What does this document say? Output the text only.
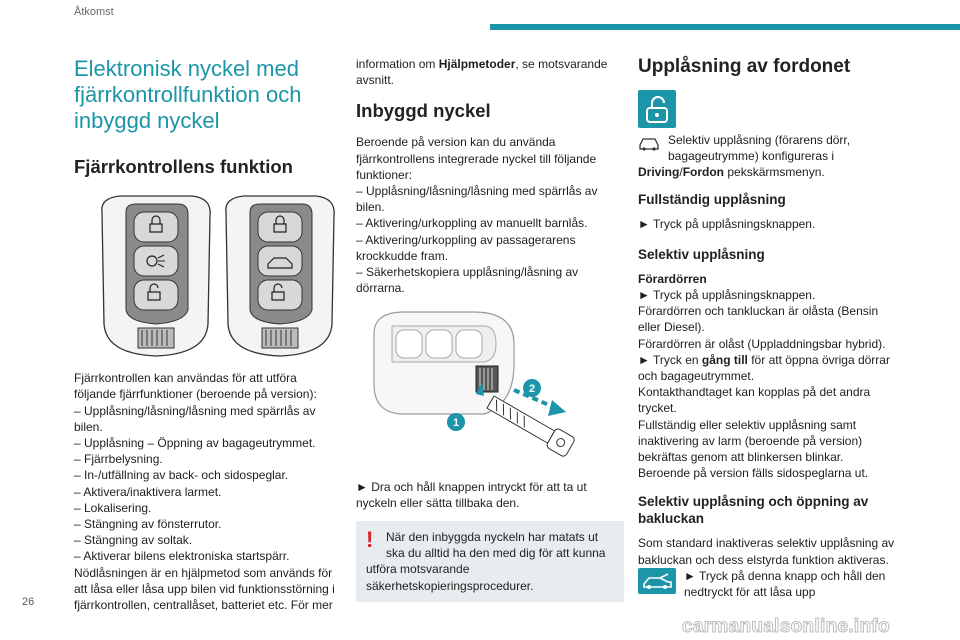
Åtkomst
Elektronisk nyckel med
fjärrkontrollfunktion och
inbyggd nyckel
Fjärrkontrollens funktion
Fjärrkontrollen kan användas för att utföra
följande fjärrfunktioner (beroende på version):
– Upplåsning/låsning/låsning med spärrlås av
bilen.
– Upplåsning – Öppning av bagageutrymmet.
– Fjärrbelysning.
– In-/utfällning av back- och sidospeglar.
– Aktivera/inaktivera larmet.
– Lokalisering.
– Stängning av fönsterrutor.
– Stängning av soltak.
– Aktiverar bilens elektroniska startspärr.
Nödlåsningen är en hjälpmetod som används för
att låsa eller låsa upp bilen vid funktionsstörning i
fjärrkontrollen, centrallåset, batteriet etc. För mer
information om Hjälpmetoder, se motsvarande
avsnitt.
Inbyggd nyckel
Beroende på version kan du använda
fjärrkontrollens integrerade nyckel till följande
funktioner:
– Upplåsning/låsning/låsning med spärrlås av
bilen.
– Aktivering/urkoppling av manuellt barnlås.
– Aktivering/urkoppling av passagerarens
krockkudde fram.
– Säkerhetskopiera upplåsning/låsning av
dörrarna.
2
1
► Dra och håll knappen intryckt för att ta ut
nyckeln eller sätta tillbaka den.
!	När den inbyggda nyckeln har matats ut
ska du alltid ha den med dig för att kunna
utföra motsvarande
säkerhetskopieringsprocedurer.
Upplåsning av fordonet
Selektiv upplåsning (förarens dörr,
bagageutrymme) konfigureras i
Driving/Fordon pekskärmsmenyn.
Fullständig upplåsning
► Tryck på upplåsningsknappen.
Selektiv upplåsning
Förardörren
► Tryck på upplåsningsknappen.
Förardörren och tankluckan är olåsta (Bensin
eller Diesel).
Förardörren är olåst (Uppladdningsbar hybrid).
► Tryck en gång till för att öppna övriga dörrar
och bagageutrymmet.
Kontakthandtaget kan kopplas på det andra
trycket.
Fullständig eller selektiv upplåsning samt
inaktivering av larm (beroende på version)
bekräftas genom att blinkersen blinkar.
Beroende på version fälls sidospeglarna ut.
Selektiv upplåsning och öppning av
bakluckan
Som standard inaktiveras selektiv upplåsning av
bakluckan och dess elstyrda funktion aktiveras.
► Tryck på denna knapp och håll den
nedtryckt för att låsa upp
26
carmanualsonline.info
